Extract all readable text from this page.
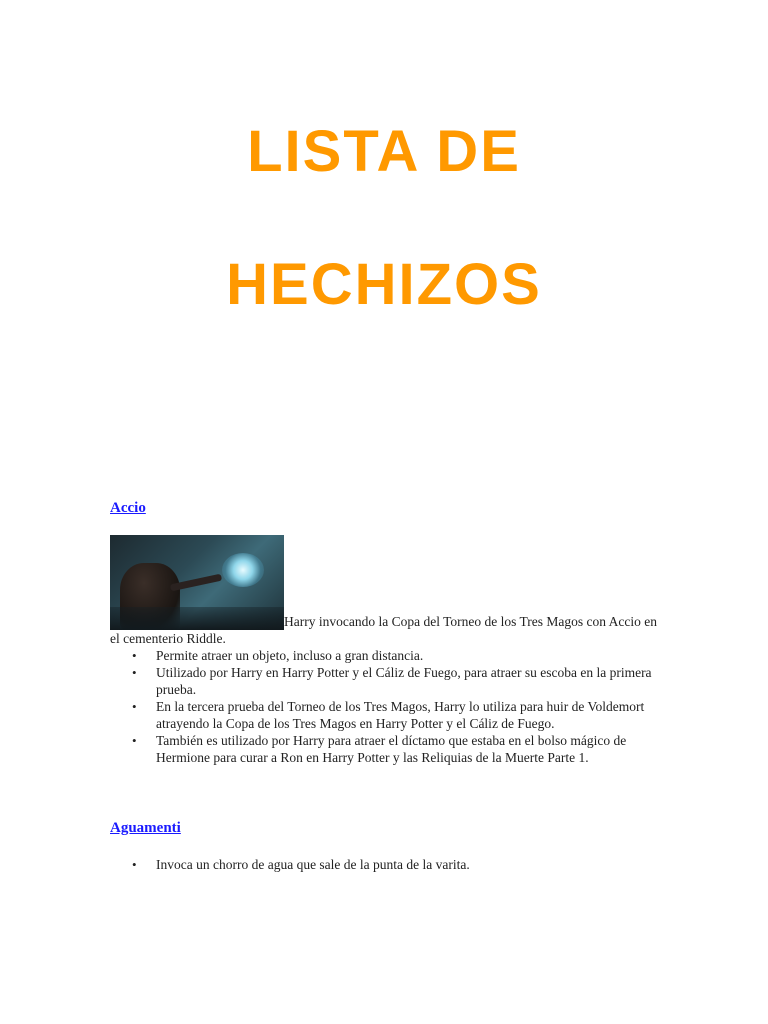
LISTA DE
HECHIZOS
Accio
Harry invocando la Copa del Torneo de los Tres Magos con Accio en el cementerio Riddle.
• Permite atraer un objeto, incluso a gran distancia.
• Utilizado por Harry en Harry Potter y el Cáliz de Fuego, para atraer su escoba en la primera prueba.
• En la tercera prueba del Torneo de los Tres Magos, Harry lo utiliza para huir de Voldemort atrayendo la Copa de los Tres Magos en Harry Potter y el Cáliz de Fuego.
• También es utilizado por Harry para atraer el díctamo que estaba en el bolso mágico de Hermione para curar a Ron en Harry Potter y las Reliquias de la Muerte Parte 1.
Aguamenti
• Invoca un chorro de agua que sale de la punta de la varita.
